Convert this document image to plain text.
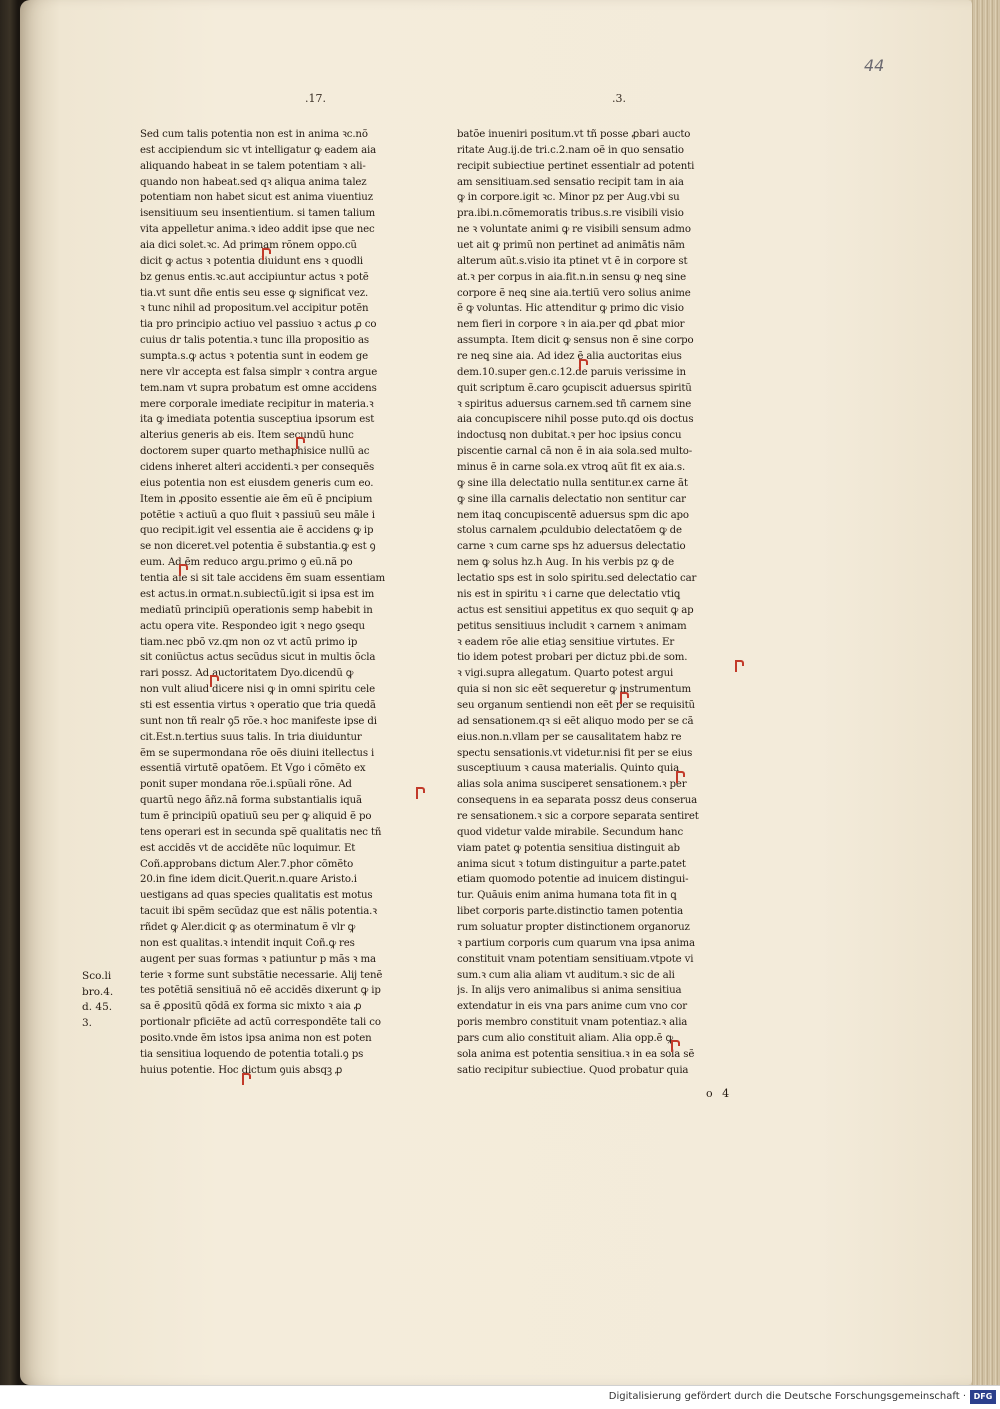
44
.17.	.3.
Sed cum talis potentia non est in anima ꝛc.nõ
est accipiendum sic vt intelligatur ꝙ eadem aia
aliquando habeat in se talem potentiam ꝛ ali-
quando non habeat.sed qꝛ aliqua anima talez
potentiam non habet sicut est anima viuentiuz
isensitiuum seu insentientium. si tamen talium
vita appelletur anima.ꝛ ideo addit ipse que nec
aia dici solet.ꝛc. Ad primam rõnem oppo.cũ
dicit ꝙ actus ꝛ potentia diuidunt ens ꝛ quodli
bz genus entis.ꝛc.aut accipiuntur actus ꝛ potẽ
tia.vt sunt dñe entis seu esse ꝙ significat vez.
ꝛ tunc nihil ad propositum.vel accipitur potẽn
tia pro principio actiuo vel passiuo ꝛ actus ꝓ co
cuius dr talis potentia.ꝛ tunc illa propositio as
sumpta.s.ꝙ actus ꝛ potentia sunt in eodem ge
nere vlr accepta est falsa simplr ꝛ contra argue
tem.nam vt supra probatum est omne accidens
mere corporale imediate recipitur in materia.ꝛ
ita ꝙ imediata potentia susceptiua ipsorum est
alterius generis ab eis. Item secundũ hunc
doctorem super quarto methaphisice nullũ ac
cidens inheret alteri accidenti.ꝛ per consequẽs
eius potentia non est eiusdem generis cum eo.
Item in ꝓposito essentie aie ẽm eũ ẽ pncipium
potẽtie ꝛ actiuũ a quo fluit ꝛ passiuũ seu mãle i
quo recipit.igit vel essentia aie ẽ accidens ꝙ ip
se non diceret.vel potentia ẽ substantia.ꝙ est ꝯ
eum. Ad ẽm reduco argu.primo ꝯ eũ.nã po
tentia aie si sit tale accidens ẽm suam essentiam
est actus.in ormat.n.subiectũ.igit si ipsa est im
mediatũ principiũ operationis semp habebit in
actu opera vite. Respondeo igit ꝛ nego ꝯsequ
tiam.nec pbõ vz.qm non oz vt actũ primo ip
sit coniũctus actus secũdus sicut in multis õcla
rari possz. Ad auctoritatem Dyo.dicendũ ꝙ
non vult aliud dicere nisi ꝙ in omni spiritu cele
sti est essentia virtus ꝛ operatio que tria quedã
sunt non tñ realr ꝯ5 rõe.ꝛ hoc manifeste ipse di
cit.Est.n.tertius suus talis. In tria diuiduntur
ẽm se supermondana rõe oẽs diuini itellectus i
essentiã virtutẽ opatõem. Et Vgo i cõmẽto ex
ponit super mondana rõe.i.spũali rõne. Ad
quartũ nego ãñz.nã forma substantialis iquã
tum ẽ principiũ opatiuũ seu per ꝙ aliquid ẽ po
tens operari est in secunda spẽ qualitatis nec tñ
est accidẽs vt de accidẽte nũc loquimur. Et
Coñ.approbans dictum Aler.7.phor cõmẽto
20.in fine idem dicit.Querit.n.quare Aristo.i
uestigans ad quas species qualitatis est motus
tacuit ibi spẽm secũdaz que est nãlis potentia.ꝛ
rñdet ꝙ Aler.dicit ꝙ as oterminatum ẽ vlr ꝙ
non est qualitas.ꝛ intendit inquit Coñ.ꝙ res
augent per suas formas ꝛ patiuntur p mãs ꝛ ma
terie ꝛ forme sunt substãtie necessarie. Alij tenẽ
tes potẽtiã sensitiuã nõ eẽ accidẽs dixerunt ꝙ ip
sa ẽ ꝓpositũ qõdã ex forma sic mixto ꝛ aia ꝓ
portionalr pficiẽte ad actũ correspondẽte tali co
posito.vnde ẽm istos ipsa anima non est poten
tia sensitiua loquendo de potentia totali.ꝯ ps
huius potentie. Hoc dictum ꝯuis absqꝫ ꝓ
batõe inueniri positum.vt tñ posse ꝓbari aucto
ritate Aug.ij.de tri.c.2.nam oẽ in quo sensatio
recipit subiectiue pertinet essentialr ad potenti
am sensitiuam.sed sensatio recipit tam in aia
ꝙ in corpore.igit ꝛc. Minor pz per Aug.vbi su
pra.ibi.n.cõmemoratis tribus.s.re visibili visio
ne ꝛ voluntate animi ꝙ re visibili sensum admo
uet ait ꝙ primũ non pertinet ad animãtis nãm
alterum aũt.s.visio ita ptinet vt ẽ in corpore st
at.ꝛ per corpus in aia.fit.n.in sensu ꝙ neꝗ sine
corpore ẽ neꝗ sine aia.tertiũ vero solius anime
ẽ ꝙ voluntas. Hic attenditur ꝙ primo dic visio
nem fieri in corpore ꝛ in aia.per qd ꝓbat mior
assumpta. Item dicit ꝙ sensus non ẽ sine corpo
re neꝗ sine aia. Ad idez ẽ alia auctoritas eius
dem.10.super gen.c.12.de paruis verissime in
quit scriptum ẽ.caro ꝯcupiscit aduersus spiritũ
ꝛ spiritus aduersus carnem.sed tñ carnem sine
aia concupiscere nihil posse puto.qd ois doctus
indoctusꝗ non dubitat.ꝛ per hoc ipsius concu
piscentie carnal cã non ẽ in aia sola.sed multo-
minus ẽ in carne sola.ex vtroꝗ aũt fit ex aia.s.
ꝙ sine illa delectatio nulla sentitur.ex carne ãt
ꝙ sine illa carnalis delectatio non sentitur car
nem itaꝗ concupiscentẽ aduersus spm dic apo
stolus carnalem ꝓculdubio delectatõem ꝙ de
carne ꝛ cum carne sps hz aduersus delectatio
nem ꝙ solus hz.h Aug. In his verbis pz ꝙ de
lectatio sps est in solo spiritu.sed delectatio car
nis est in spiritu ꝛ i carne que delectatio vtiꝗ
actus est sensitiui appetitus ex quo sequit ꝙ ap
petitus sensitiuus includit ꝛ carnem ꝛ animam
ꝛ eadem rõe alie etiaꝫ sensitiue virtutes. Er
tio idem potest probari per dictuz pbi.de som.
ꝛ vigi.supra allegatum. Quarto potest argui
quia si non sic eẽt sequeretur ꝙ instrumentum
seu organum sentiendi non eẽt per se requisitũ
ad sensationem.qꝛ si eẽt aliquo modo per se cã
eius.non.n.vllam per se causalitatem habz re
spectu sensationis.vt videtur.nisi fit per se eius
susceptiuum ꝛ causa materialis. Quinto quia
alias sola anima susciperet sensationem.ꝛ per
consequens in ea separata possz deus conserua
re sensationem.ꝛ sic a corpore separata sentiret
quod videtur valde mirabile. Secundum hanc
viam patet ꝙ potentia sensitiua distinguit ab
anima sicut ꝛ totum distinguitur a parte.patet
etiam quomodo potentie ad inuicem distingui-
tur. Quãuis enim anima humana tota fit in ꝗ
libet corporis parte.distinctio tamen potentia
rum soluatur propter distinctionem organoruz
ꝛ partium corporis cum quarum vna ipsa anima
constituit vnam potentiam sensitiuam.vtpote vi
sum.ꝛ cum alia aliam vt auditum.ꝛ sic de ali
js. In alijs vero animalibus si anima sensitiua
extendatur in eis vna pars anime cum vno cor
poris membro constituit vnam potentiaz.ꝛ alia
pars cum alio constituit aliam. Alia opp.ẽ ꝙ
sola anima est potentia sensitiua.ꝛ in ea sola sẽ
satio recipitur subiectiue. Quod probatur quia
Sco.li
bro.4.
d. 45.
3.
o 4
Digitalisierung gefördert durch die Deutsche Forschungsgemeinschaft · DFG
